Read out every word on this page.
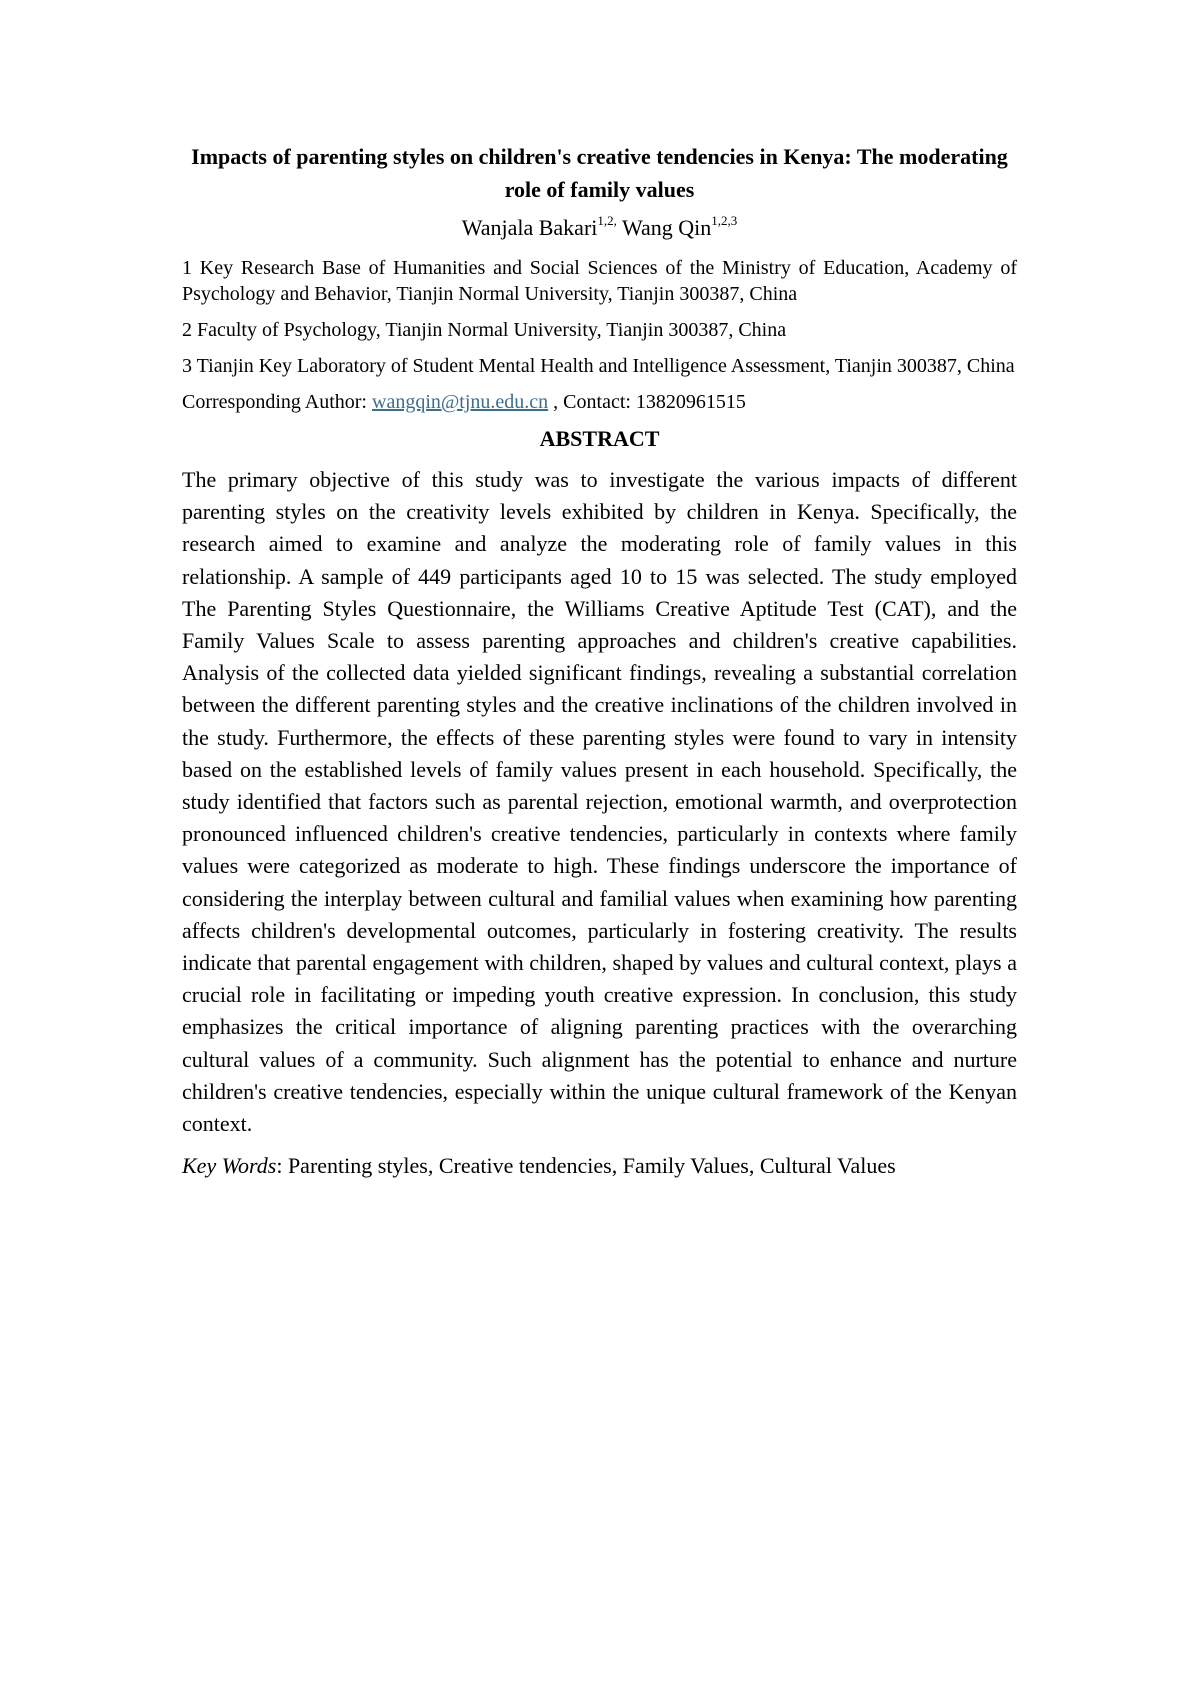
Impacts of parenting styles on children's creative tendencies in Kenya: The moderating role of family values
Wanjala Bakari$^{1,2,}$ Wang Qin$^{1,2,3}$
1 Key Research Base of Humanities and Social Sciences of the Ministry of Education, Academy of Psychology and Behavior, Tianjin Normal University, Tianjin 300387, China
2 Faculty of Psychology, Tianjin Normal University, Tianjin 300387, China
3 Tianjin Key Laboratory of Student Mental Health and Intelligence Assessment, Tianjin 300387, China
Corresponding Author: wangqin@tjnu.edu.cn , Contact: 13820961515
ABSTRACT
The primary objective of this study was to investigate the various impacts of different parenting styles on the creativity levels exhibited by children in Kenya. Specifically, the research aimed to examine and analyze the moderating role of family values in this relationship. A sample of 449 participants aged 10 to 15 was selected. The study employed The Parenting Styles Questionnaire, the Williams Creative Aptitude Test (CAT), and the Family Values Scale to assess parenting approaches and children's creative capabilities. Analysis of the collected data yielded significant findings, revealing a substantial correlation between the different parenting styles and the creative inclinations of the children involved in the study. Furthermore, the effects of these parenting styles were found to vary in intensity based on the established levels of family values present in each household. Specifically, the study identified that factors such as parental rejection, emotional warmth, and overprotection pronounced influenced children's creative tendencies, particularly in contexts where family values were categorized as moderate to high. These findings underscore the importance of considering the interplay between cultural and familial values when examining how parenting affects children's developmental outcomes, particularly in fostering creativity. The results indicate that parental engagement with children, shaped by values and cultural context, plays a crucial role in facilitating or impeding youth creative expression. In conclusion, this study emphasizes the critical importance of aligning parenting practices with the overarching cultural values of a community. Such alignment has the potential to enhance and nurture children's creative tendencies, especially within the unique cultural framework of the Kenyan context.
Key Words: Parenting styles, Creative tendencies, Family Values, Cultural Values
